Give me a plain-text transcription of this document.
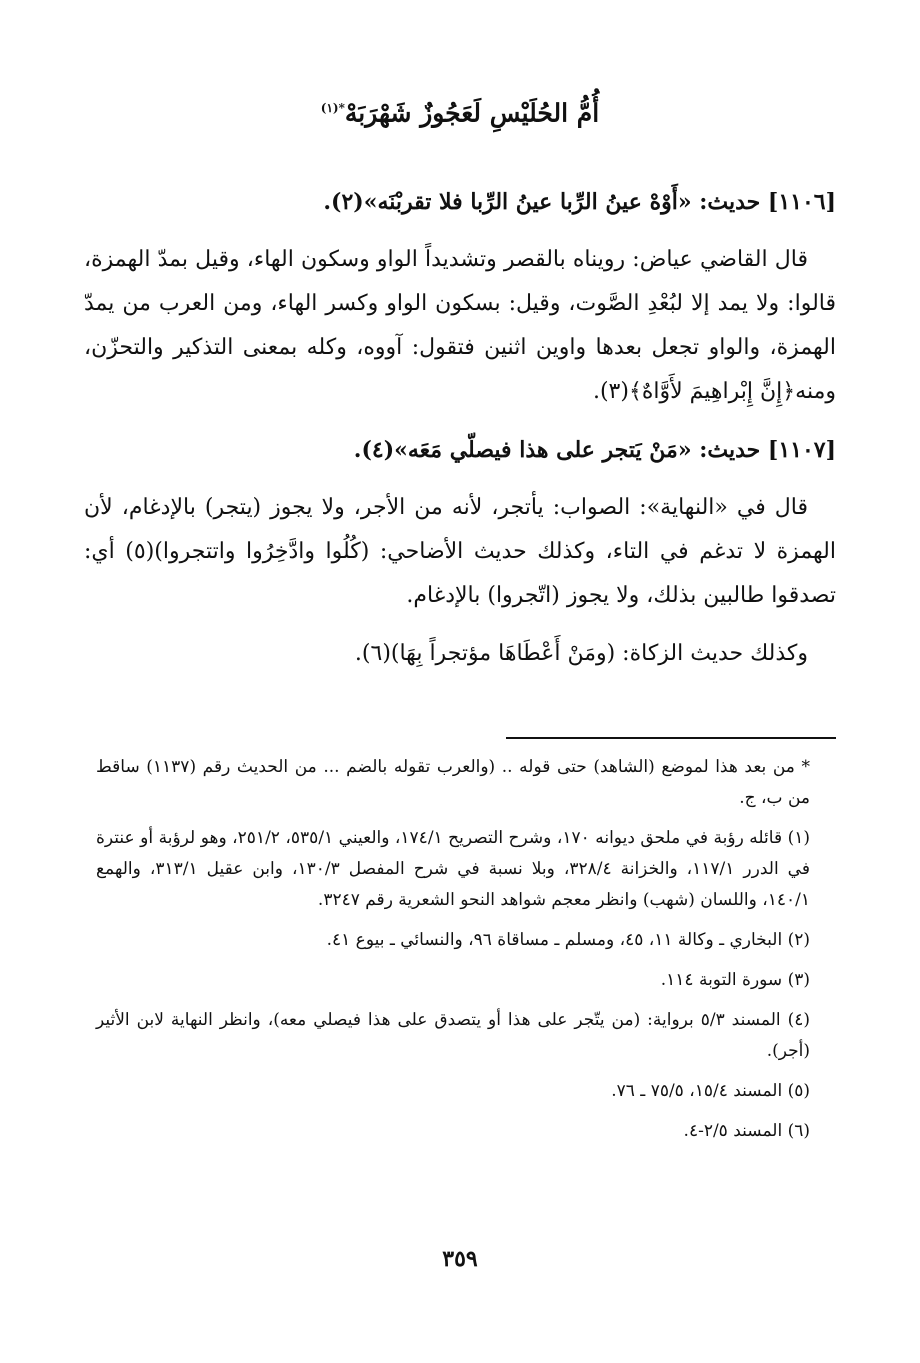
أُمُّ الحُلَيْسِ لَعَجُوزٌ شَهْرَبَهْ$^{*(١)}$

[١١٠٦] حديث: «أَوْهْ عينُ الرِّبا عينُ الرِّبا فلا تقربْنَه»(٢).

قال القاضي عياض: رويناه بالقصر وتشديداً الواو وسكون الهاء، وقيل بمدّ الهمزة، قالوا: ولا يمد إلا لبُعْدِ الصَّوت، وقيل: بسكون الواو وكسر الهاء، ومن العرب من يمدّ الهمزة، والواو تجعل بعدها واوين اثنين فتقول: آووه، وكله بمعنى التذكير والتحزّن، ومنه﴿إِنَّ إِبْراهِيمَ لأَوَّاهٌ﴾(٣).

[١١٠٧] حديث: «مَنْ يَتجر على هذا فيصلّي مَعَه»(٤).

قال في «النهاية»: الصواب: يأتجر، لأنه من الأجر، ولا يجوز (يتجر) بالإدغام، لأن الهمزة لا تدغم في التاء، وكذلك حديث الأضاحي: (كُلُوا وادَّخِرُوا واتتجروا)(٥) أي: تصدقوا طالبين بذلك، ولا يجوز (اتّجروا) بالإدغام.

وكذلك حديث الزكاة: (ومَنْ أَعْطَاهَا مؤتجراً بِهَا)(٦).

* من بعد هذا لموضع (الشاهد) حتى قوله .. (والعرب تقوله بالضم ... من الحديث رقم (١١٣٧) ساقط من ب، ج.

(١) قائله رؤبة في ملحق ديوانه ١٧٠، وشرح التصريح ١٧٤/١، والعيني ٥٣٥/١، ٢٥١/٢، وهو لرؤبة أو عنترة في الدرر ١١٧/١، والخزانة ٣٢٨/٤، وبلا نسبة في شرح المفصل ١٣٠/٣، وابن عقيل ٣١٣/١، والهمع ١٤٠/١، واللسان (شهب) وانظر معجم شواهد النحو الشعرية رقم ٣٢٤٧.

(٢) البخاري ـ وكالة ١١، ٤٥، ومسلم ـ مساقاة ٩٦، والنسائي ـ بيوع ٤١.

(٣) سورة التوبة ١١٤.

(٤) المسند ٥/٣ برواية: (من يتّجر على هذا أو يتصدق على هذا فيصلي معه)، وانظر النهاية لابن الأثير (أجر).

(٥) المسند ١٥/٤، ٧٥/٥ ـ ٧٦.

(٦) المسند ٢/٥-٤.

٣٥٩
